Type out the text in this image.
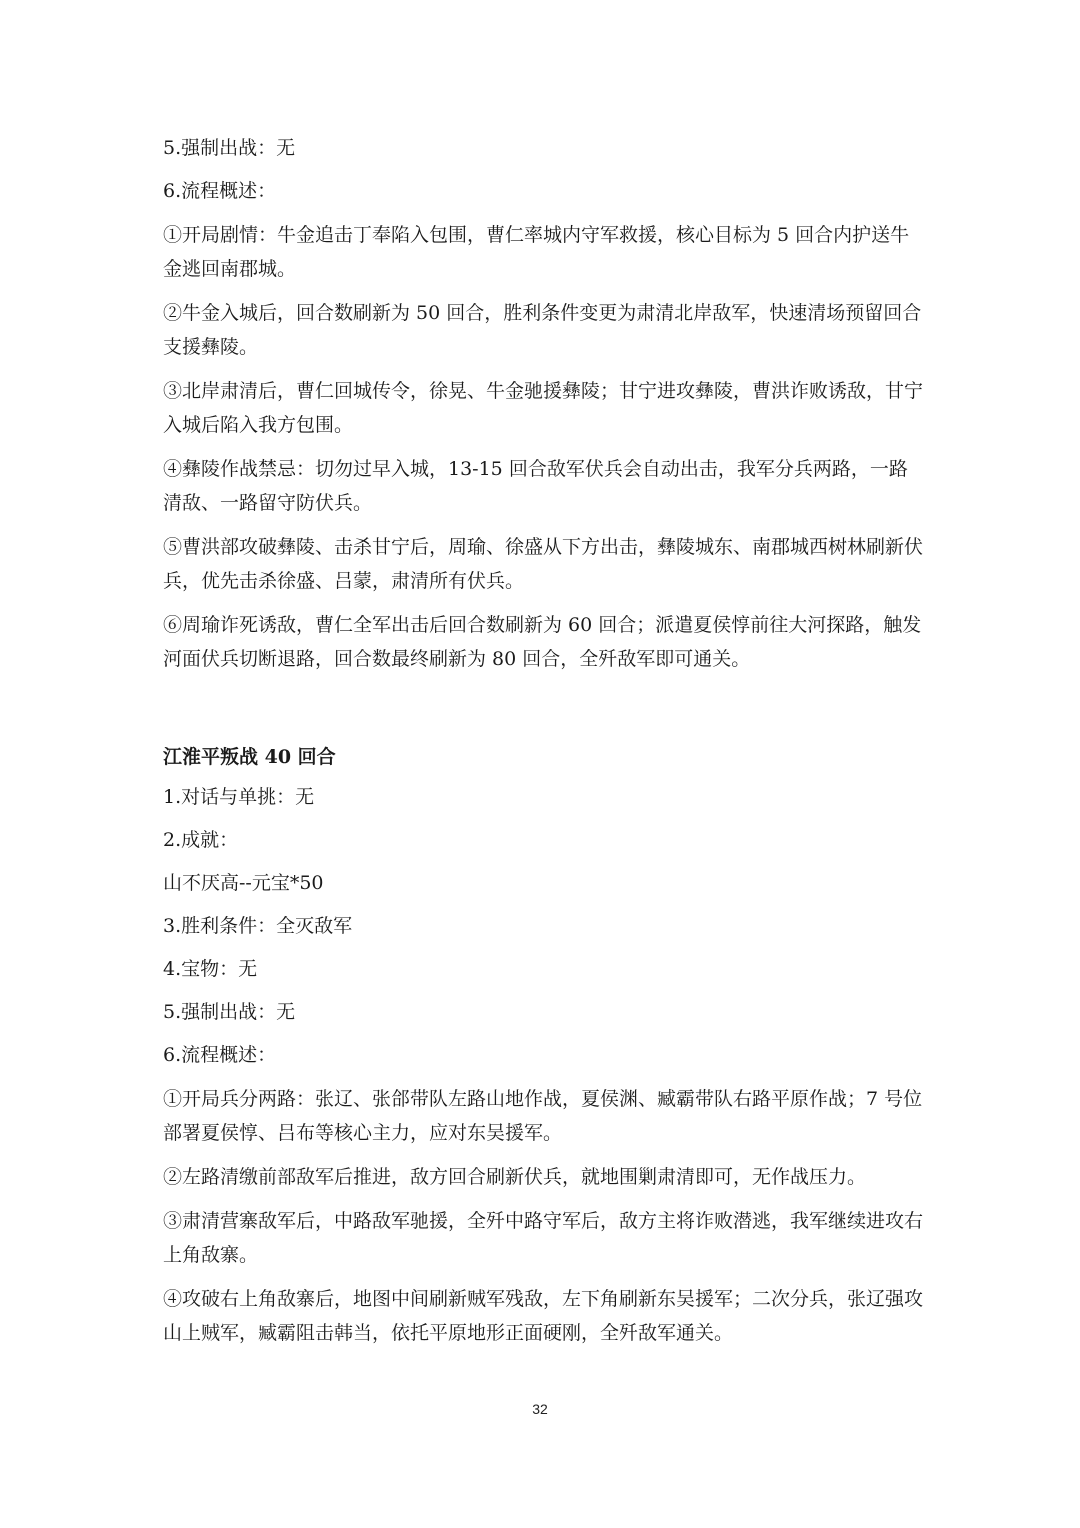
5.强制出战：无

6.流程概述：

①开局剧情：牛金追击丁奉陷入包围，曹仁率城内守军救援，核心目标为 5 回合内护送牛金逃回南郡城。

②牛金入城后，回合数刷新为 50 回合，胜利条件变更为肃清北岸敌军，快速清场预留回合支援彝陵。

③北岸肃清后，曹仁回城传令，徐晃、牛金驰援彝陵；甘宁进攻彝陵，曹洪诈败诱敌，甘宁入城后陷入我方包围。

④彝陵作战禁忌：切勿过早入城，13-15 回合敌军伏兵会自动出击，我军分兵两路，一路清敌、一路留守防伏兵。

⑤曹洪部攻破彝陵、击杀甘宁后，周瑜、徐盛从下方出击，彝陵城东、南郡城西树林刷新伏兵，优先击杀徐盛、吕蒙，肃清所有伏兵。

⑥周瑜诈死诱敌，曹仁全军出击后回合数刷新为 60 回合；派遣夏侯惇前往大河探路，触发河面伏兵切断退路，回合数最终刷新为 80 回合，全歼敌军即可通关。

江淮平叛战 40 回合

1.对话与单挑：无

2.成就：

山不厌高--元宝*50

3.胜利条件：全灭敌军

4.宝物：无

5.强制出战：无

6.流程概述：

①开局兵分两路：张辽、张郃带队左路山地作战，夏侯渊、臧霸带队右路平原作战；7 号位部署夏侯惇、吕布等核心主力，应对东吴援军。

②左路清缴前部敌军后推进，敌方回合刷新伏兵，就地围剿肃清即可，无作战压力。

③肃清营寨敌军后，中路敌军驰援，全歼中路守军后，敌方主将诈败潜逃，我军继续进攻右上角敌寨。

④攻破右上角敌寨后，地图中间刷新贼军残敌，左下角刷新东吴援军；二次分兵，张辽强攻山上贼军，臧霸阻击韩当，依托平原地形正面硬刚，全歼敌军通关。

32
